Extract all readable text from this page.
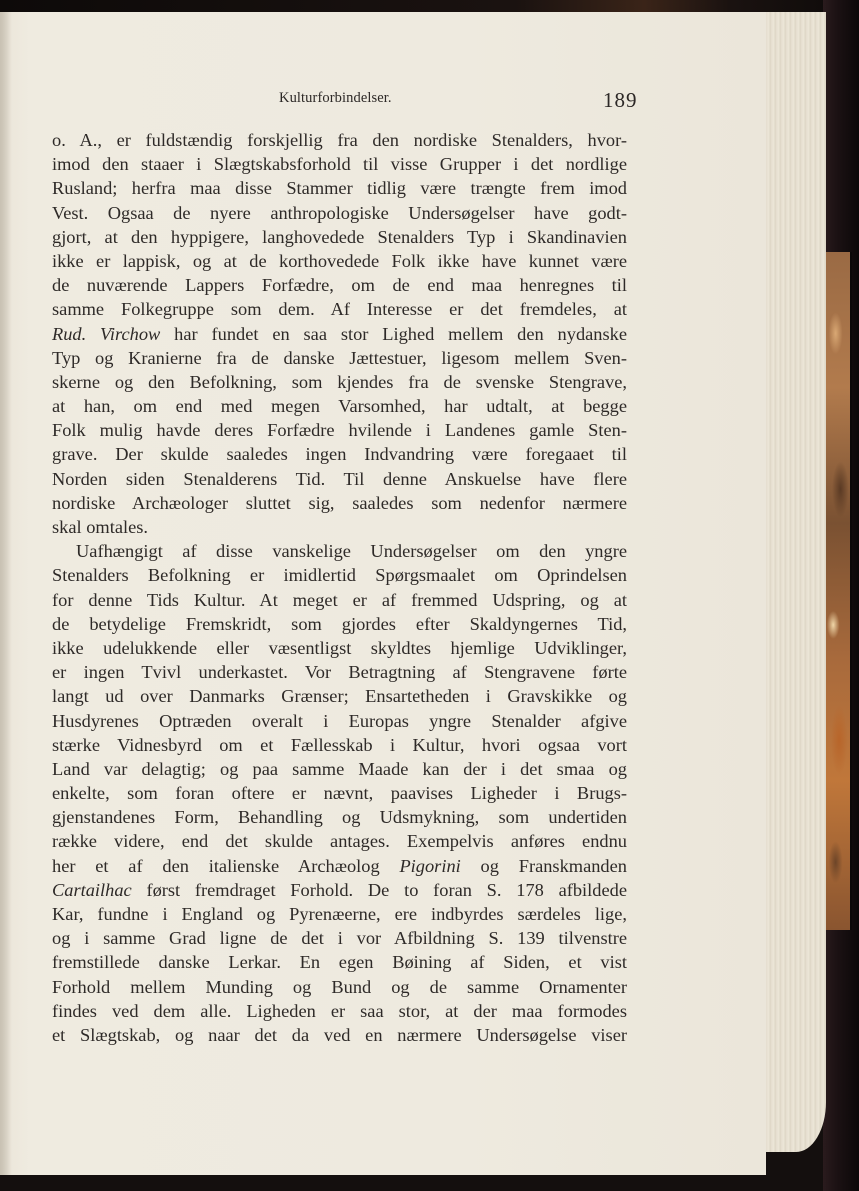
Kulturforbindelser.	189
o. A., er fuldstændig forskjellig fra den nordiske Stenalders, hvor-
imod den staaer i Slægtskabsforhold til visse Grupper i det nordlige
Rusland; herfra maa disse Stammer tidlig være trængte frem imod
Vest. Ogsaa de nyere anthropologiske Undersøgelser have godt-
gjort, at den hyppigere, langhovedede Stenalders Typ i Skandinavien
ikke er lappisk, og at de korthovedede Folk ikke have kunnet være
de nuværende Lappers Forfædre, om de end maa henregnes til
samme Folkegruppe som dem. Af Interesse er det fremdeles, at
Rud. Virchow har fundet en saa stor Lighed mellem den nydanske
Typ og Kranierne fra de danske Jættestuer, ligesom mellem Sven-
skerne og den Befolkning, som kjendes fra de svenske Stengrave,
at han, om end med megen Varsomhed, har udtalt, at begge
Folk mulig havde deres Forfædre hvilende i Landenes gamle Sten-
grave. Der skulde saaledes ingen Indvandring være foregaaet til
Norden siden Stenalderens Tid. Til denne Anskuelse have flere
nordiske Archæologer sluttet sig, saaledes som nedenfor nærmere
skal omtales.
Uafhængigt af disse vanskelige Undersøgelser om den yngre
Stenalders Befolkning er imidlertid Spørgsmaalet om Oprindelsen
for denne Tids Kultur. At meget er af fremmed Udspring, og at
de betydelige Fremskridt, som gjordes efter Skaldyngernes Tid,
ikke udelukkende eller væsentligst skyldtes hjemlige Udviklinger,
er ingen Tvivl underkastet. Vor Betragtning af Stengravene førte
langt ud over Danmarks Grænser; Ensartetheden i Gravskikke og
Husdyrenes Optræden overalt i Europas yngre Stenalder afgive
stærke Vidnesbyrd om et Fællesskab i Kultur, hvori ogsaa vort
Land var delagtig; og paa samme Maade kan der i det smaa og
enkelte, som foran oftere er nævnt, paavises Ligheder i Brugs-
gjenstandenes Form, Behandling og Udsmykning, som undertiden
række videre, end det skulde antages. Exempelvis anføres endnu
her et af den italienske Archæolog Pigorini og Franskmanden
Cartailhac først fremdraget Forhold. De to foran S. 178 afbildede
Kar, fundne i England og Pyrenæerne, ere indbyrdes særdeles lige,
og i samme Grad ligne de det i vor Afbildning S. 139 tilvenstre
fremstillede danske Lerkar. En egen Bøining af Siden, et vist
Forhold mellem Munding og Bund og de samme Ornamenter
findes ved dem alle. Ligheden er saa stor, at der maa formodes
et Slægtskab, og naar det da ved en nærmere Undersøgelse viser
